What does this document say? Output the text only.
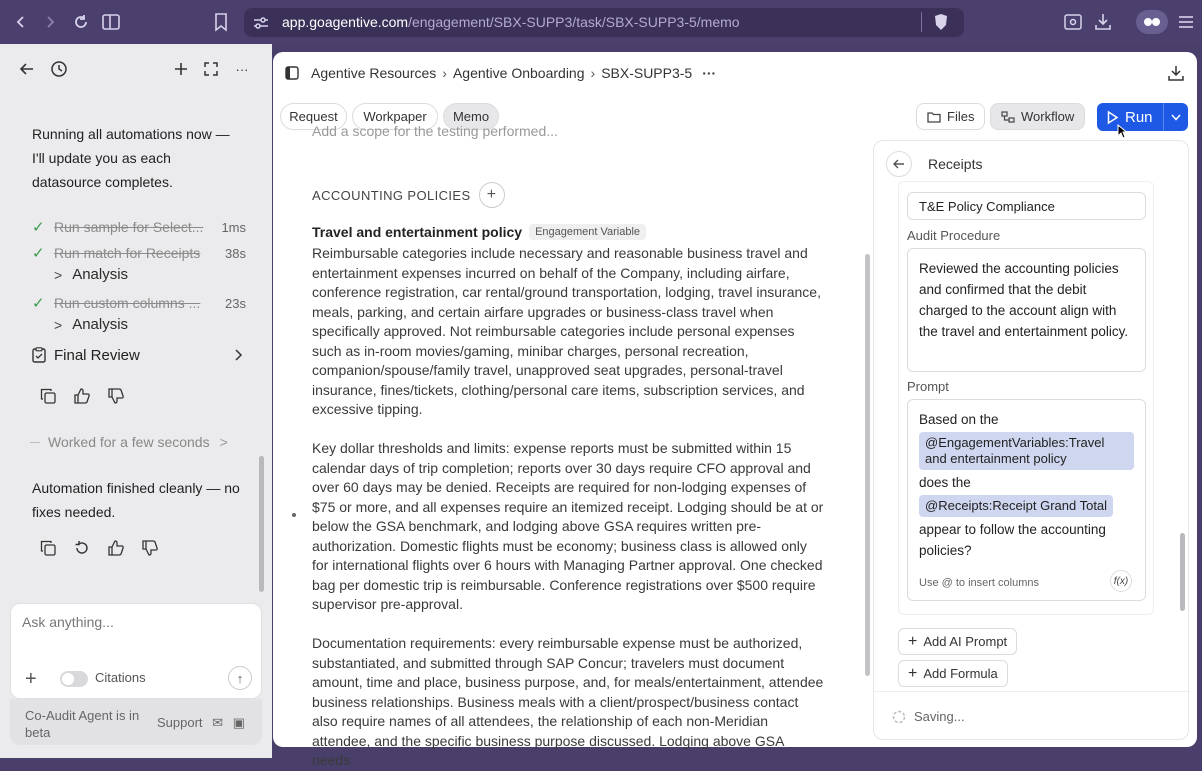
app.goagentive.com/engagement/SBX-SUPP3/task/SBX-SUPP3-5/memo
···
Running all automations now — I'll update you as each datasource completes.
✓ Run sample for Select...	1ms
✓ Run match for Receipts	38s
> Analysis
✓ Run custom columns ...	23s
> Analysis
Final Review
Worked for a few seconds >
Automation finished cleanly — no fixes needed.
Ask anything...
+	Citations	↑
Co-Audit Agent is in beta
Support ✉ ▣
Agentive Resources › Agentive Onboarding › SBX-SUPP3-5 ···
Request	Workpaper	Memo	Files	Workflow	Run
Add a scope for the testing performed...
ACCOUNTING POLICIES	+
Travel and entertainment policy	Engagement Variable
Reimbursable categories include necessary and reasonable business travel and entertainment expenses incurred on behalf of the Company, including airfare, conference registration, car rental/ground transportation, lodging, travel insurance, meals, parking, and certain airfare upgrades or business-class travel when specifically approved. Not reimbursable categories include personal expenses such as in-room movies/gaming, minibar charges, personal recreation, companion/spouse/family travel, unapproved seat upgrades, personal-travel insurance, fines/tickets, clothing/personal care items, subscription services, and excessive tipping.
Key dollar thresholds and limits: expense reports must be submitted within 15 calendar days of trip completion; reports over 30 days require CFO approval and over 60 days may be denied. Receipts are required for non-lodging expenses of $75 or more, and all expenses require an itemized receipt. Lodging should be at or below the GSA benchmark, and lodging above GSA requires written pre-authorization. Domestic flights must be economy; business class is allowed only for international flights over 6 hours with Managing Partner approval. One checked bag per domestic trip is reimbursable. Conference registrations over $500 require supervisor pre-approval.
Documentation requirements: every reimbursable expense must be authorized, substantiated, and submitted through SAP Concur; travelers must document amount, time and place, business purpose, and, for meals/entertainment, attendee business relationships. Business meals with a client/prospect/business contact also require names of all attendees, the relationship of each non-Meridian attendee, and the specific business purpose discussed. Lodging above GSA needs
Receipts
T&E Policy Compliance
Audit Procedure
Reviewed the accounting policies and confirmed that the debit charged to the account align with the travel and entertainment policy.
Prompt
Based on the
@EngagementVariables:Travel and entertainment policy
does the
@Receipts:Receipt Grand Total
appear to follow the accounting policies?
Use @ to insert columns	f(x)
+ Add AI Prompt
+ Add Formula
Saving...
